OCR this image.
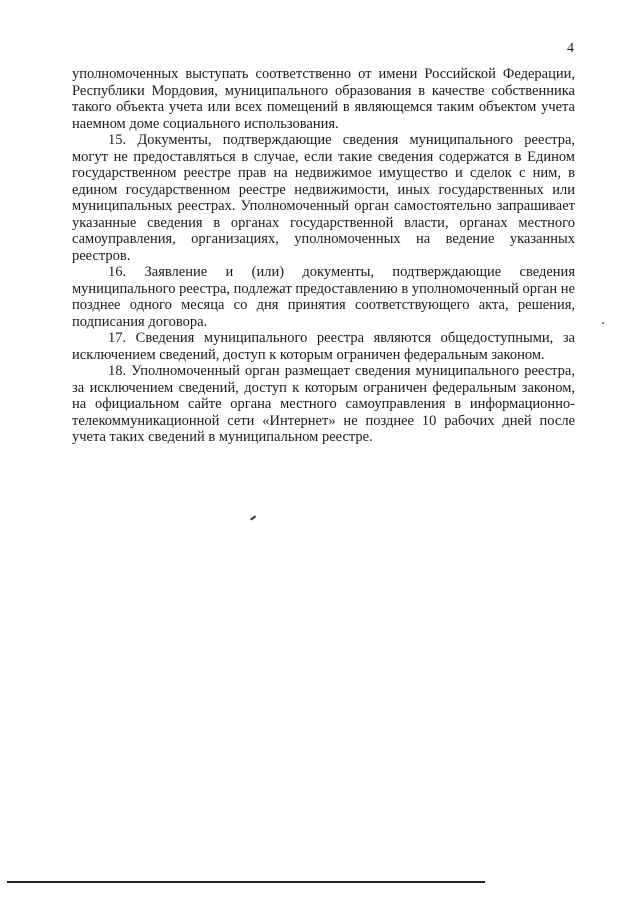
4

уполномоченных выступать соответственно от имени Российской Федерации, Республики Мордовия, муниципального образования в качестве собственника такого объекта учета или всех помещений в являющемся таким объектом учета наемном доме социального использования.

15. Документы, подтверждающие сведения муниципального реестра, могут не предоставляться в случае, если такие сведения содержатся в Едином государственном реестре прав на недвижимое имущество и сделок с ним, в едином государственном реестре недвижимости, иных государственных или муниципальных реестрах. Уполномоченный орган самостоятельно запрашивает указанные сведения в органах государственной власти, органах местного самоуправления, организациях, уполномоченных на ведение указанных реестров.

16. Заявление и (или) документы, подтверждающие сведения муниципального реестра, подлежат предоставлению в уполномоченный орган не позднее одного месяца со дня принятия соответствующего акта, решения, подписания договора.

17. Сведения муниципального реестра являются общедоступными, за исключением сведений, доступ к которым ограничен федеральным законом.

18. Уполномоченный орган размещает сведения муниципального реестра, за исключением сведений, доступ к которым ограничен федеральным законом, на официальном сайте органа местного самоуправления в информационно-телекоммуникационной сети «Интернет» не позднее 10 рабочих дней после учета таких сведений в муниципальном реестре.
